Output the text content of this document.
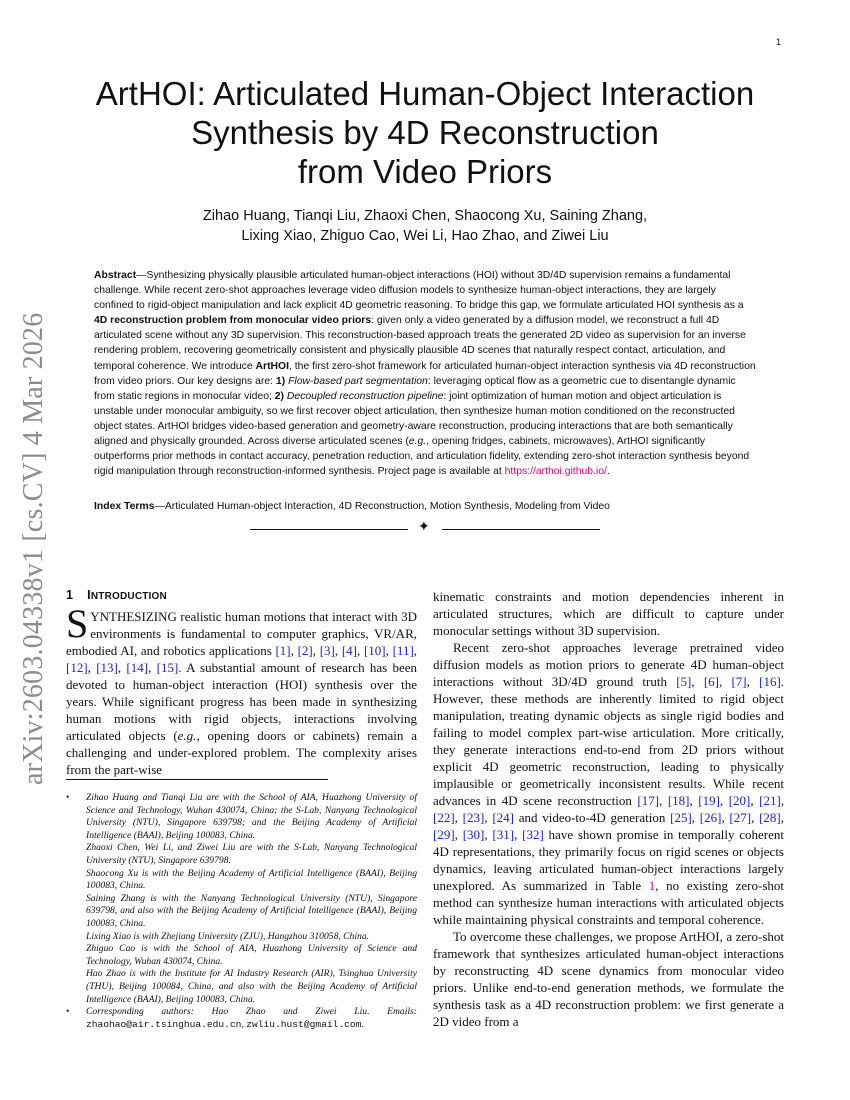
1
arXiv:2603.04338v1 [cs.CV] 4 Mar 2026
ArtHOI: Articulated Human-Object Interaction
Synthesis by 4D Reconstruction
from Video Priors
Zihao Huang, Tianqi Liu, Zhaoxi Chen, Shaocong Xu, Saining Zhang,
Lixing Xiao, Zhiguo Cao, Wei Li, Hao Zhao, and Ziwei Liu
Abstract—Synthesizing physically plausible articulated human-object interactions (HOI) without 3D/4D supervision remains a fundamental challenge. While recent zero-shot approaches leverage video diffusion models to synthesize human-object interactions, they are largely confined to rigid-object manipulation and lack explicit 4D geometric reasoning. To bridge this gap, we formulate articulated HOI synthesis as a 4D reconstruction problem from monocular video priors: given only a video generated by a diffusion model, we reconstruct a full 4D articulated scene without any 3D supervision. This reconstruction-based approach treats the generated 2D video as supervision for an inverse rendering problem, recovering geometrically consistent and physically plausible 4D scenes that naturally respect contact, articulation, and temporal coherence. We introduce ArtHOI, the first zero-shot framework for articulated human-object interaction synthesis via 4D reconstruction from video priors. Our key designs are: 1) Flow-based part segmentation: leveraging optical flow as a geometric cue to disentangle dynamic from static regions in monocular video; 2) Decoupled reconstruction pipeline: joint optimization of human motion and object articulation is unstable under monocular ambiguity, so we first recover object articulation, then synthesize human motion conditioned on the reconstructed object states. ArtHOI bridges video-based generation and geometry-aware reconstruction, producing interactions that are both semantically aligned and physically grounded. Across diverse articulated scenes (e.g., opening fridges, cabinets, microwaves), ArtHOI significantly outperforms prior methods in contact accuracy, penetration reduction, and articulation fidelity, extending zero-shot interaction synthesis beyond rigid manipulation through reconstruction-informed synthesis. Project page is available at https://arthoi.github.io/.
Index Terms—Articulated Human-object Interaction, 4D Reconstruction, Motion Synthesis, Modeling from Video
✦
1 INTRODUCTION

SYNTHESIZING realistic human motions that interact with 3D environments is fundamental to computer graphics, VR/AR, embodied AI, and robotics applications [1], [2], [3], [4], [10], [11], [12], [13], [14], [15]. A substantial amount of research has been devoted to human-object interaction (HOI) synthesis over the years. While significant progress has been made in synthesizing human motions with rigid objects, interactions involving articulated objects (e.g., opening doors or cabinets) remain a challenging and under-explored problem. The complexity arises from the part-wise

• Zihao Huang and Tianqi Liu are with the School of AIA, Huazhong University of Science and Technology, Wuhan 430074, China; the S-Lab, Nanyang Technological University (NTU), Singapore 639798; and the Beijing Academy of Artificial Intelligence (BAAI), Beijing 100083, China.

Zhaoxi Chen, Wei Li, and Ziwei Liu are with the S-Lab, Nanyang Technological University (NTU), Singapore 639798.

Shaocong Xu is with the Beijing Academy of Artificial Intelligence (BAAI), Beijing 100083, China.

Saining Zhang is with the Nanyang Technological University (NTU), Singapore 639798, and also with the Beijing Academy of Artificial Intelligence (BAAI), Beijing 100083, China.

Lixing Xiao is with Zhejiang University (ZJU), Hangzhou 310058, China.

Zhiguo Cao is with the School of AIA, Huazhong University of Science and Technology, Wuhan 430074, China.

Hao Zhao is with the Institute for AI Industry Research (AIR), Tsinghua University (THU), Beijing 100084, China, and also with the Beijing Academy of Artificial Intelligence (BAAI), Beijing 100083, China.

• Corresponding authors: Hao Zhao and Ziwei Liu. Emails: zhaohao@air.tsinghua.edu.cn, zwliu.hust@gmail.com.

kinematic constraints and motion dependencies inherent in articulated structures, which are difficult to capture under monocular settings without 3D supervision.

Recent zero-shot approaches leverage pretrained video diffusion models as motion priors to generate 4D human-object interactions without 3D/4D ground truth [5], [6], [7], [16]. However, these methods are inherently limited to rigid object manipulation, treating dynamic objects as single rigid bodies and failing to model complex part-wise articulation. More critically, they generate interactions end-to-end from 2D priors without explicit 4D geometric reconstruction, leading to physically implausible or geometrically inconsistent results. While recent advances in 4D scene reconstruction [17], [18], [19], [20], [21], [22], [23], [24] and video-to-4D generation [25], [26], [27], [28], [29], [30], [31], [32] have shown promise in temporally coherent 4D representations, they primarily focus on rigid scenes or objects dynamics, leaving articulated human-object interactions largely unexplored. As summarized in Table 1, no existing zero-shot method can synthesize human interactions with articulated objects while maintaining physical constraints and temporal coherence.

To overcome these challenges, we propose ArtHOI, a zero-shot framework that synthesizes articulated human-object interactions by reconstructing 4D scene dynamics from monocular video priors. Unlike end-to-end generation methods, we formulate the synthesis task as a 4D reconstruction problem: we first generate a 2D video from a
